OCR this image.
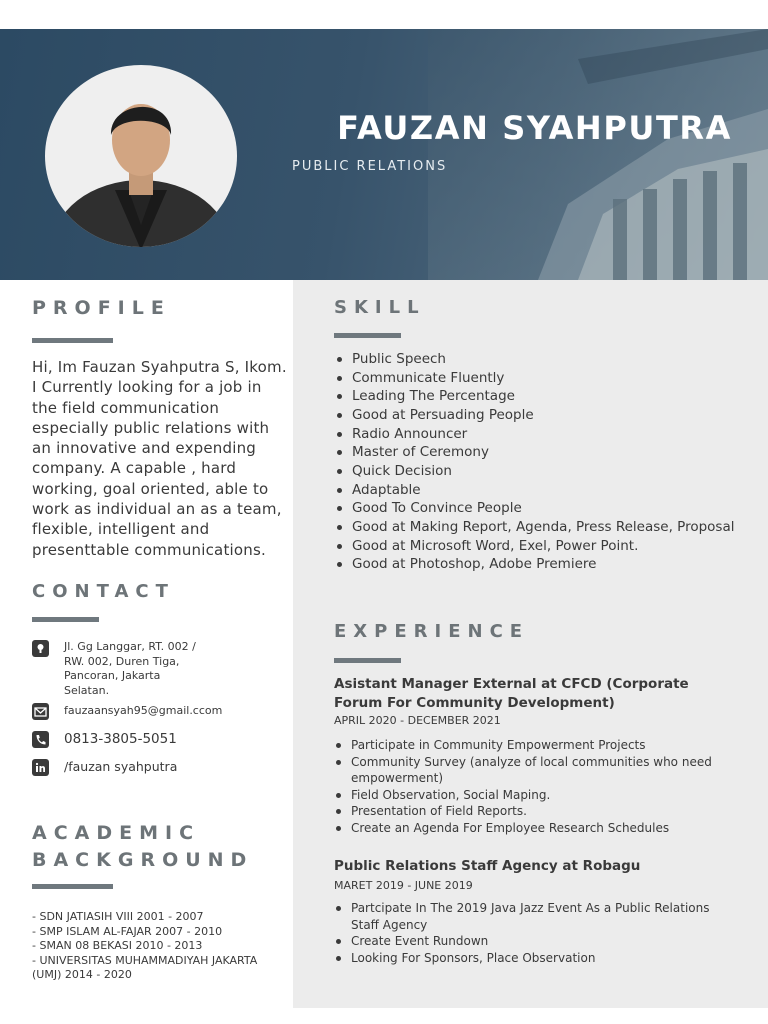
FAUZAN SYAHPUTRA
PUBLIC RELATIONS
PROFILE
Hi, Im Fauzan Syahputra S, Ikom. I Currently looking for a job in the field communication especially public relations with an innovative and expending company. A capable , hard working, goal oriented, able to work as individual an as a team, flexible, intelligent and presenttable communications.
CONTACT
Jl. Gg Langgar, RT. 002 /
RW. 002, Duren Tiga,
Pancoran, Jakarta
Selatan.
fauzaansyah95@gmail.ccom
0813-3805-5051
/fauzan syahputra
ACADEMIC
BACKGROUND
- SDN JATIASIH VIII 2001 - 2007
- SMP ISLAM AL-FAJAR 2007 - 2010
- SMAN 08 BEKASI 2010 - 2013
- UNIVERSITAS MUHAMMADIYAH JAKARTA (UMJ) 2014 - 2020
SKILL
Public Speech
Communicate Fluently
Leading The Percentage
Good at Persuading People
Radio Announcer
Master of Ceremony
Quick Decision
Adaptable
Good To Convince People
Good at Making Report, Agenda, Press Release, Proposal
Good at Microsoft Word, Exel, Power Point.
Good at Photoshop, Adobe Premiere
EXPERIENCE
Asistant Manager External at CFCD (Corporate Forum For Community Development)
APRIL 2020 - DECEMBER 2021
Participate in Community Empowerment Projects
Community Survey (analyze of local communities who need empowerment)
Field Observation, Social Maping.
Presentation of Field Reports.
Create an Agenda For Employee Research Schedules
Public Relations Staff Agency at Robagu
MARET 2019 - JUNE 2019
Partcipate In The 2019 Java Jazz Event As a Public Relations Staff Agency
Create Event Rundown
Looking For Sponsors, Place Observation
